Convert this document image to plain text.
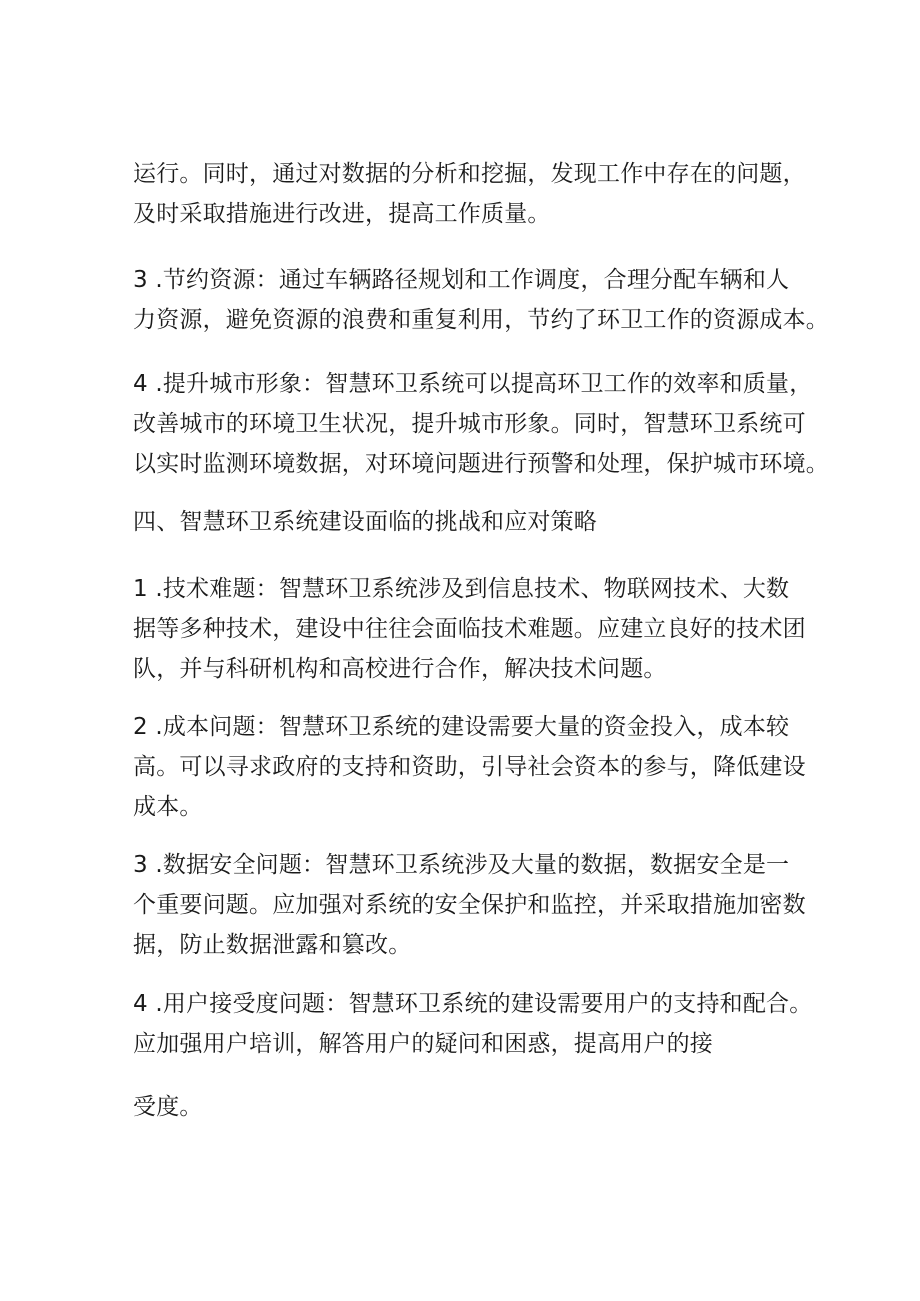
运行。同时，通过对数据的分析和挖掘，发现工作中存在的问题，
及时采取措施进行改进，提高工作质量。

3 .节约资源：通过车辆路径规划和工作调度，合理分配车辆和人
力资源，避免资源的浪费和重复利用，节约了环卫工作的资源成本。

4 .提升城市形象：智慧环卫系统可以提高环卫工作的效率和质量，
改善城市的环境卫生状况，提升城市形象。同时，智慧环卫系统可
以实时监测环境数据，对环境问题进行预警和处理，保护城市环境。

四、智慧环卫系统建设面临的挑战和应对策略

1 .技术难题：智慧环卫系统涉及到信息技术、物联网技术、大数
据等多种技术，建设中往往会面临技术难题。应建立良好的技术团
队，并与科研机构和高校进行合作，解决技术问题。

2 .成本问题：智慧环卫系统的建设需要大量的资金投入，成本较
高。可以寻求政府的支持和资助，引导社会资本的参与，降低建设
成本。

3 .数据安全问题：智慧环卫系统涉及大量的数据，数据安全是一
个重要问题。应加强对系统的安全保护和监控，并采取措施加密数
据，防止数据泄露和篡改。

4 .用户接受度问题：智慧环卫系统的建设需要用户的支持和配合。
应加强用户培训，解答用户的疑问和困惑，提高用户的接

受度。
